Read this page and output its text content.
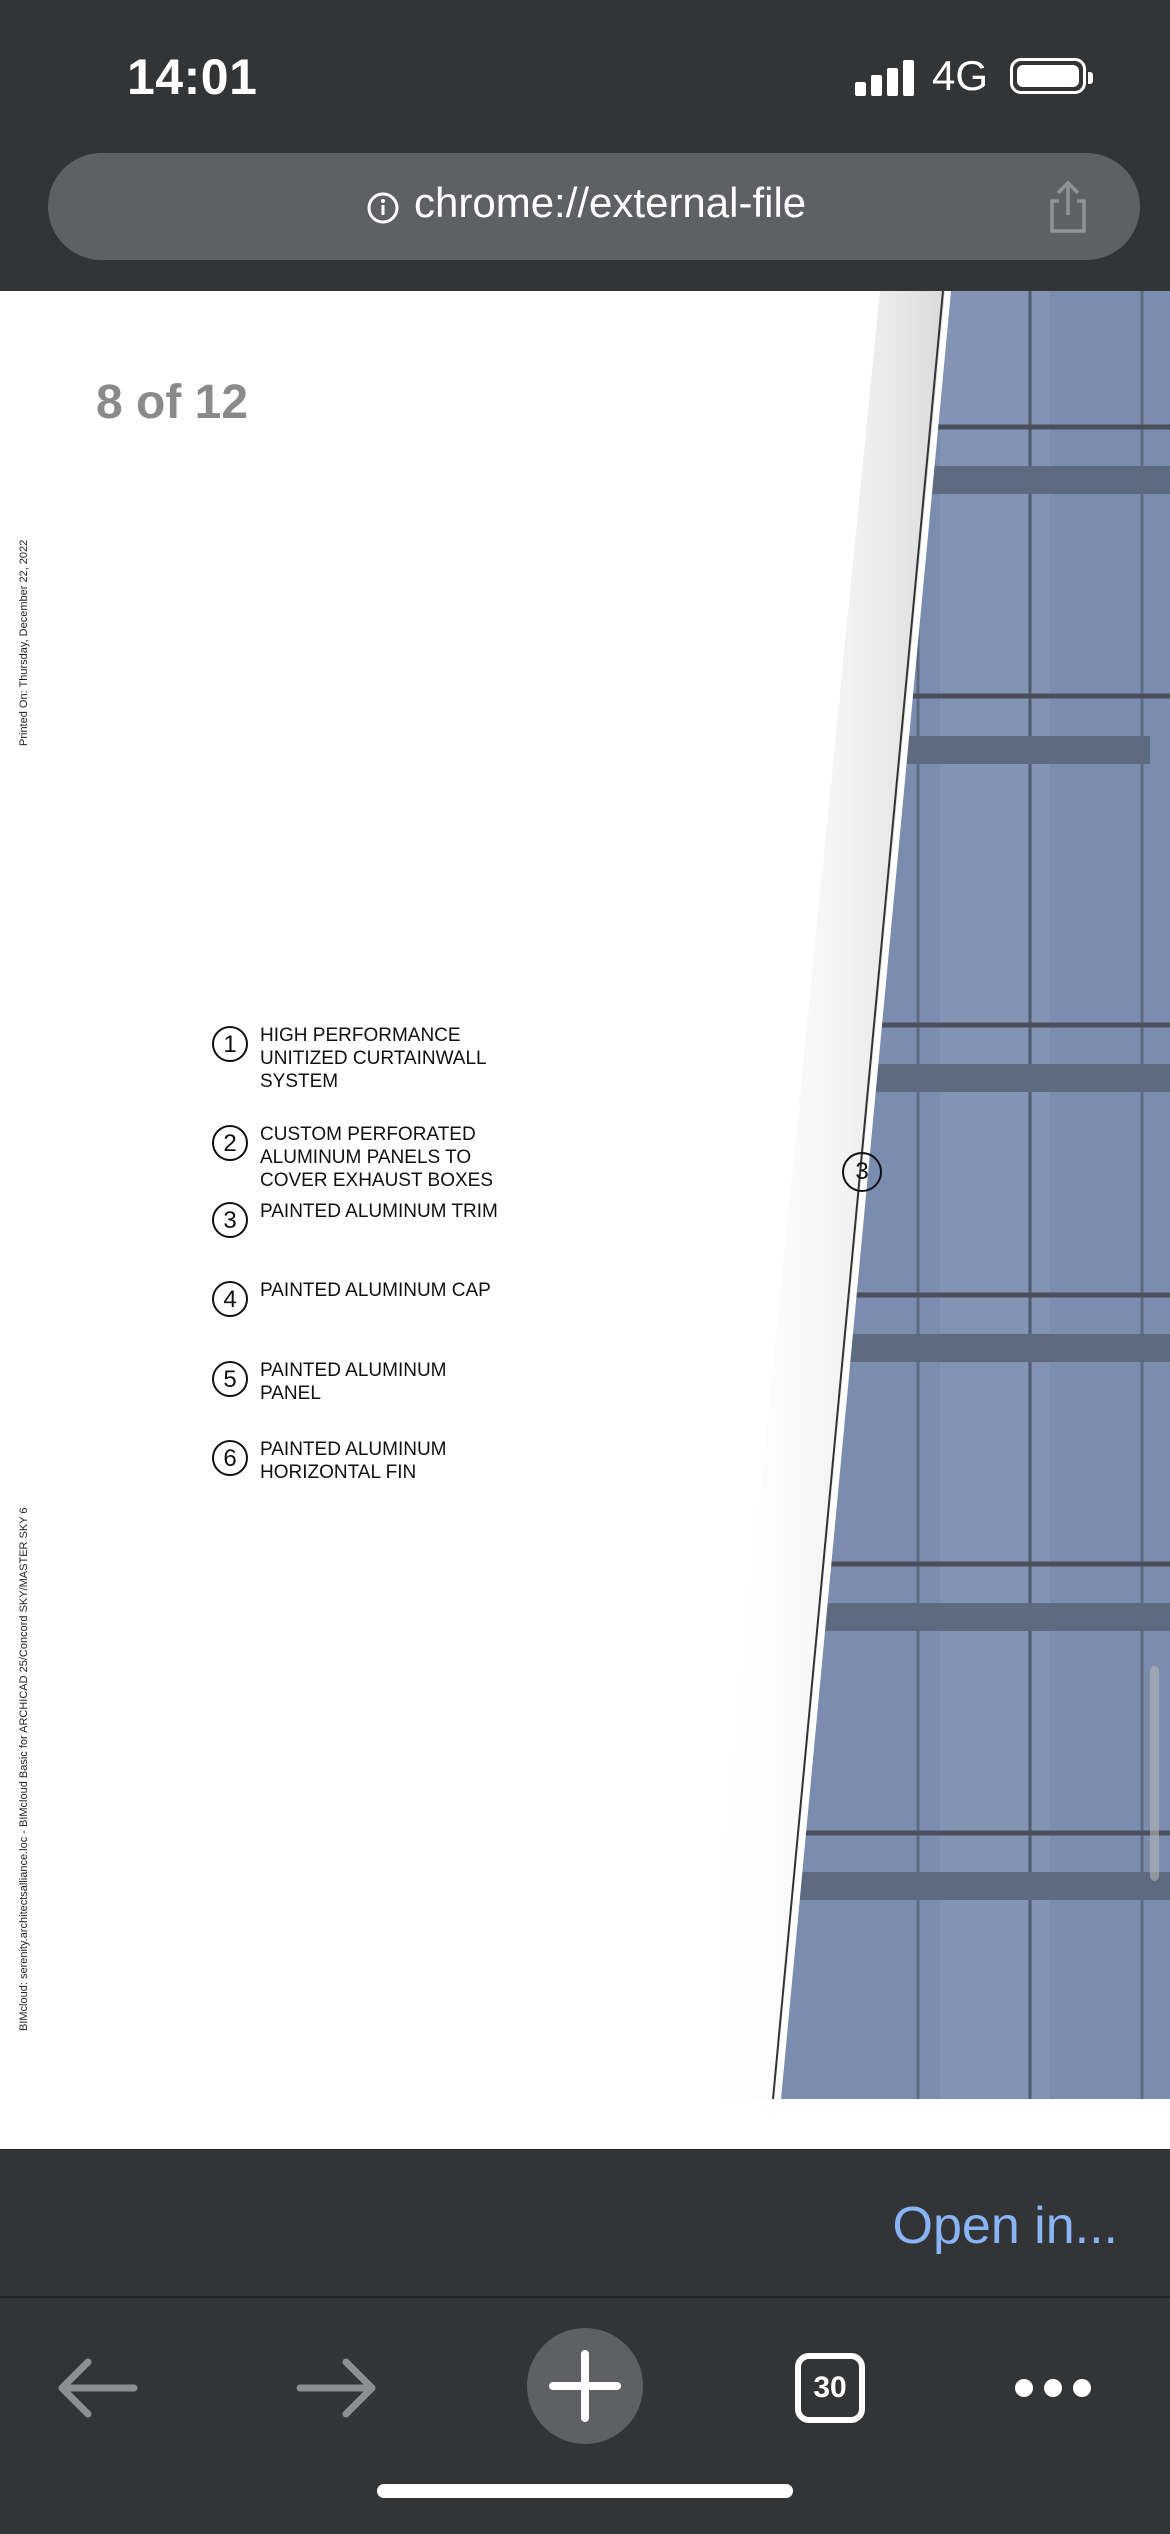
14:01	4G
chrome://external-file
8 of 12
Printed On: Thursday, December 22, 2022
BIMcloud: serenity.architectsalliance.loc - BIMcloud Basic for ARCHICAD 25/Concord SKY/MASTER SKY 6
1	HIGH PERFORMANCE
UNITIZED CURTAINWALL
SYSTEM
2	CUSTOM PERFORATED
ALUMINUM PANELS TO
COVER EXHAUST BOXES
3	PAINTED ALUMINUM TRIM
4	PAINTED ALUMINUM CAP
5	PAINTED ALUMINUM
PANEL
6	PAINTED ALUMINUM
HORIZONTAL FIN
3
Open in...
30
